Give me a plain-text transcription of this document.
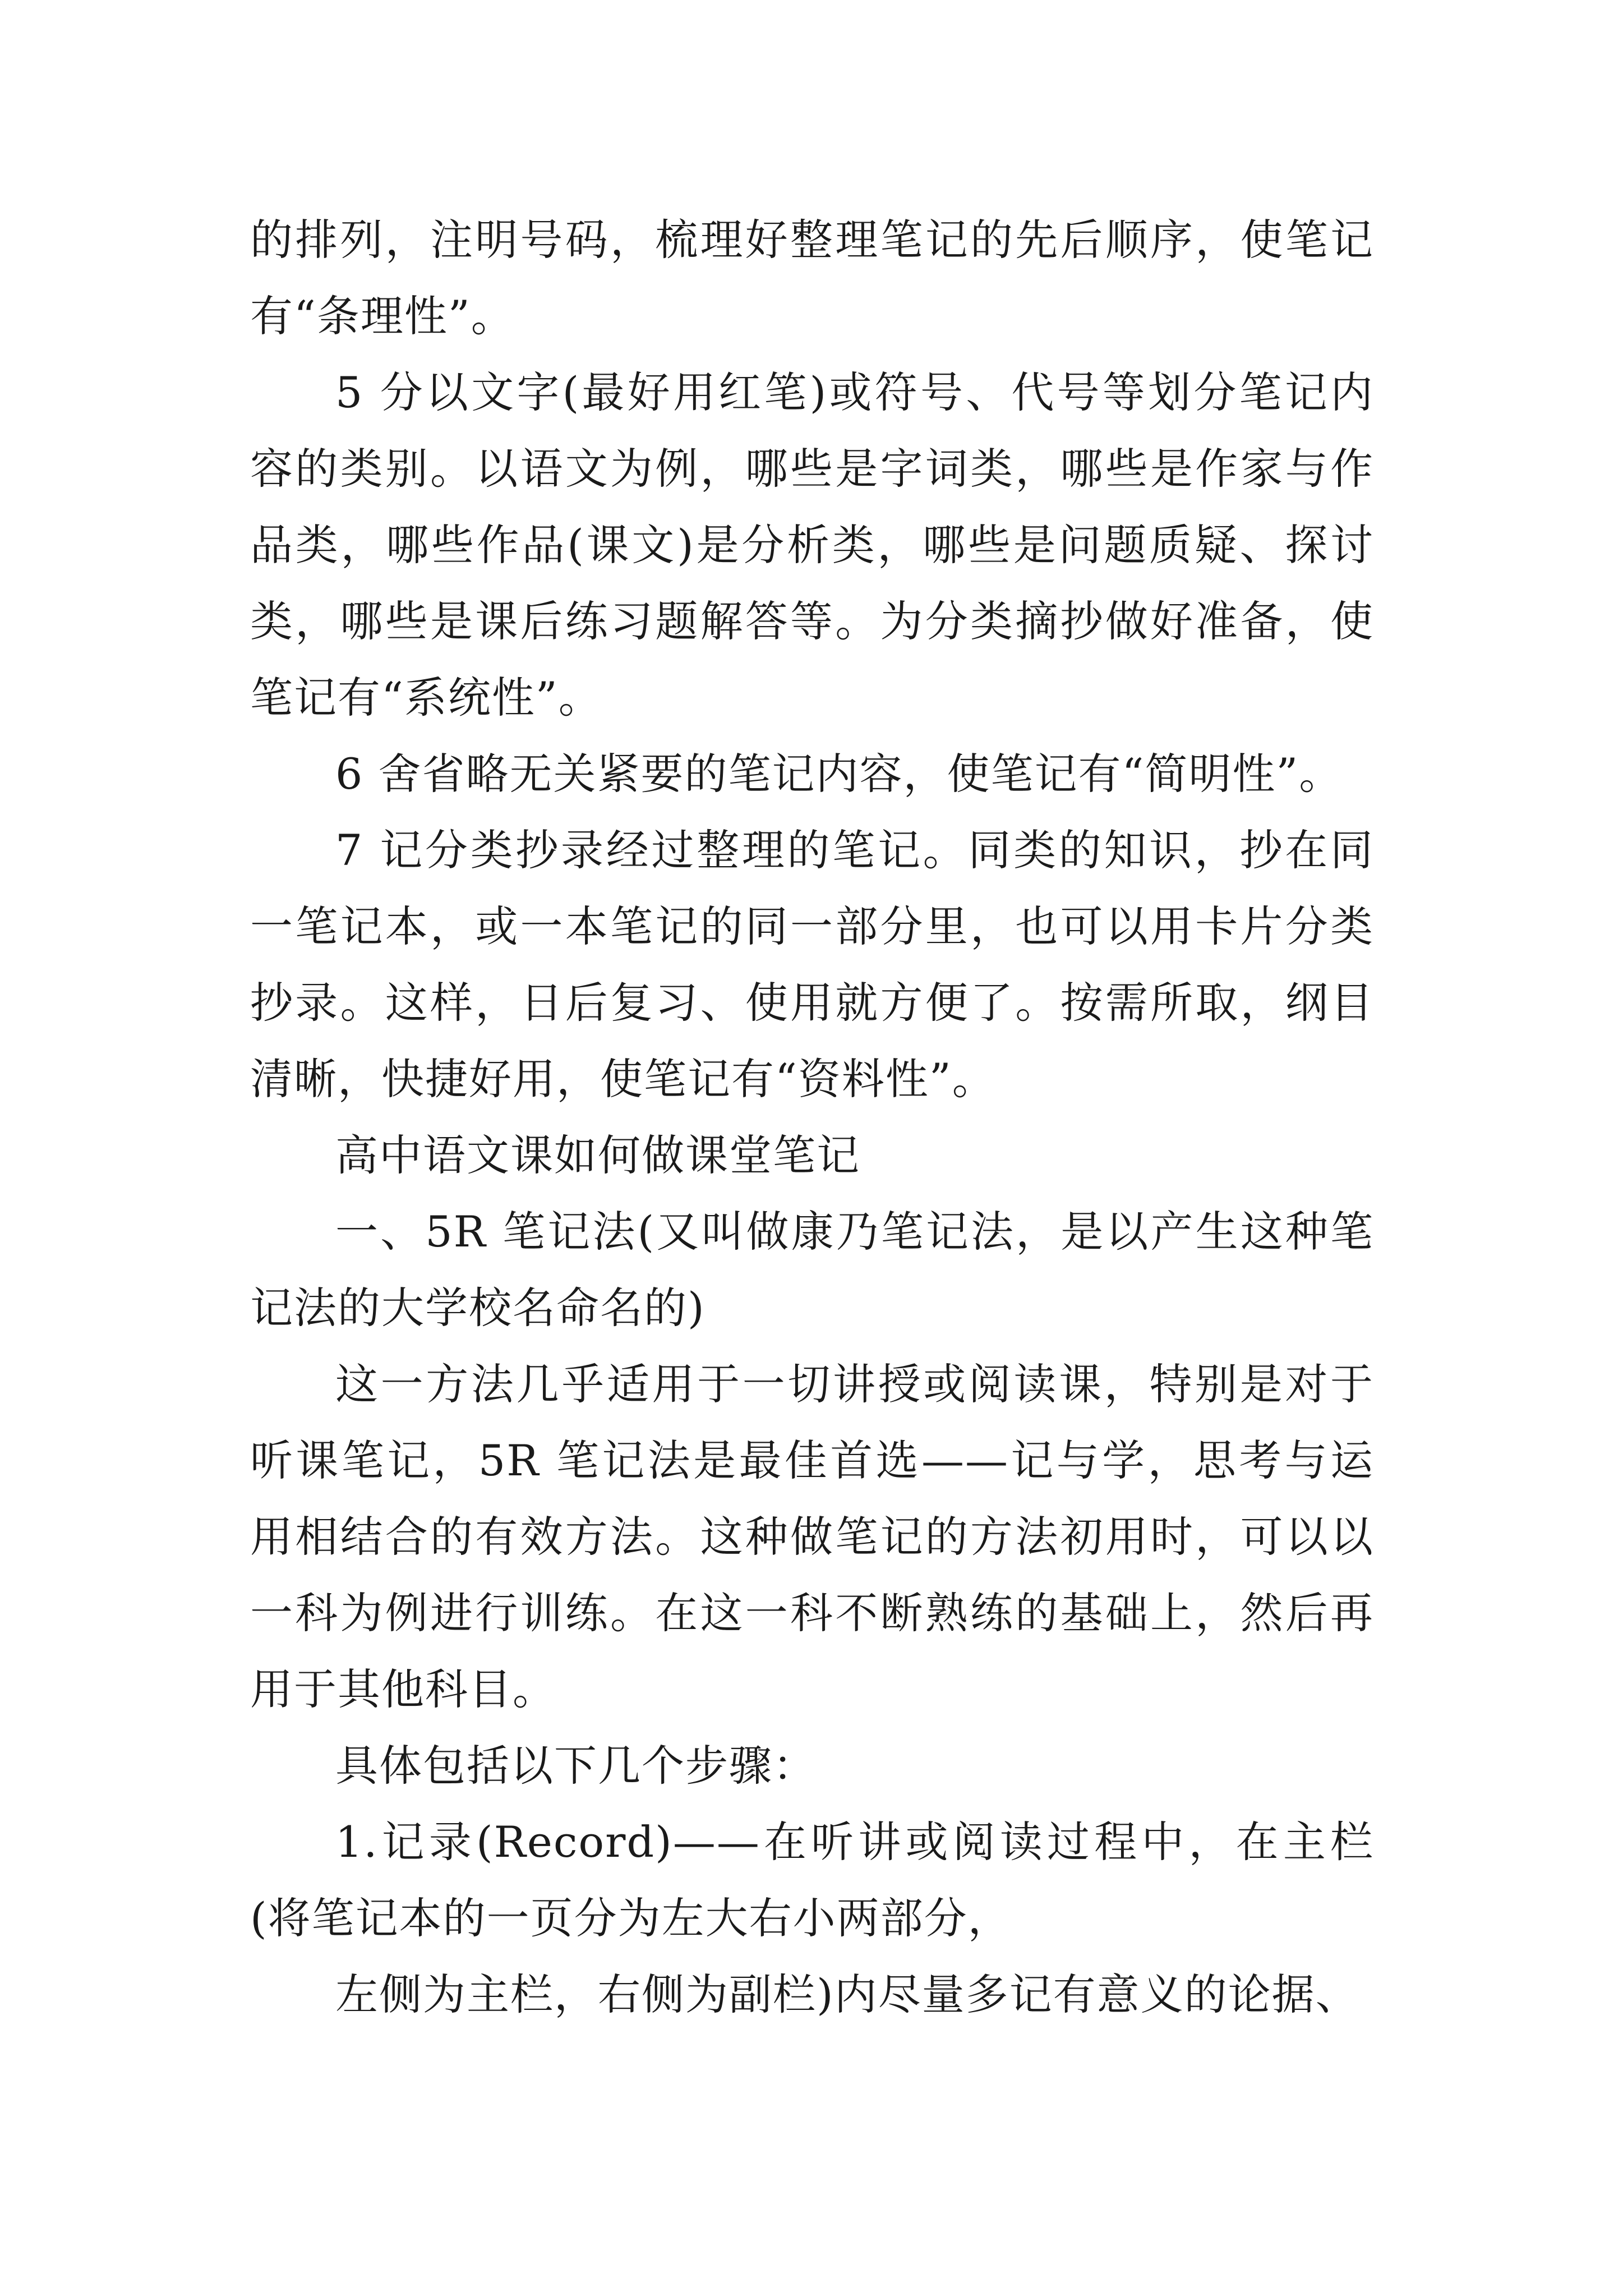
的排列，注明号码，梳理好整理笔记的先后顺序，使笔记有“条理性”。

5 分以文字(最好用红笔)或符号、代号等划分笔记内容的类别。以语文为例，哪些是字词类，哪些是作家与作品类，哪些作品(课文)是分析类，哪些是问题质疑、探讨类，哪些是课后练习题解答等。为分类摘抄做好准备，使笔记有“系统性”。

6 舍省略无关紧要的笔记内容，使笔记有“简明性”。

7 记分类抄录经过整理的笔记。同类的知识，抄在同一笔记本，或一本笔记的同一部分里，也可以用卡片分类抄录。这样，日后复习、使用就方便了。按需所取，纲目清晰，快捷好用，使笔记有“资料性”。

高中语文课如何做课堂笔记

一、5R 笔记法(又叫做康乃笔记法，是以产生这种笔记法的大学校名命名的)

这一方法几乎适用于一切讲授或阅读课，特别是对于听课笔记，5R 笔记法是最佳首选——记与学，思考与运用相结合的有效方法。这种做笔记的方法初用时，可以以一科为例进行训练。在这一科不断熟练的基础上，然后再用于其他科目。

具体包括以下几个步骤：

1.记录(Record)——在听讲或阅读过程中，在主栏(将笔记本的一页分为左大右小两部分，

左侧为主栏，右侧为副栏)内尽量多记有意义的论据、
